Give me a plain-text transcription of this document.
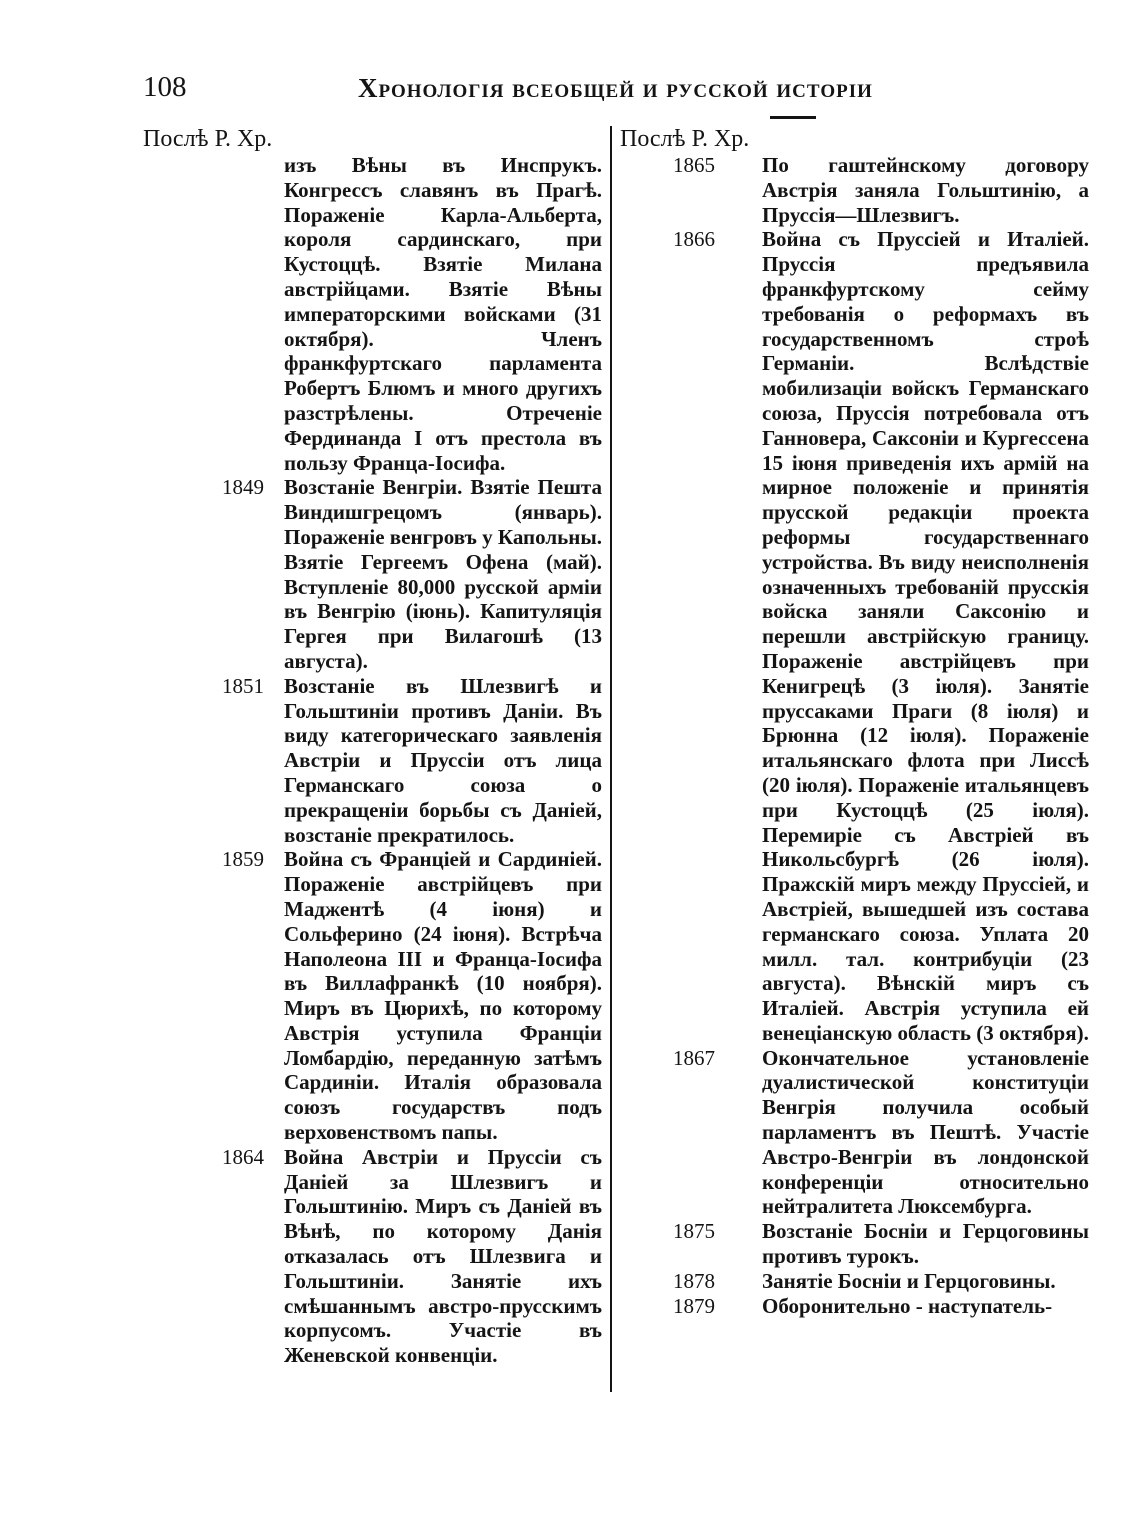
108	Хронологія всеобщей и русской исторіи
Послѣ Р. Хр.
изъ Вѣны въ Инспрукъ. Конгрессъ славянъ въ Прагѣ. Пораженіе Карла-Альберта, короля сардинскаго, при Кустоццѣ. Взятіе Милана австрійцами. Взятіе Вѣны императорскими войсками (31 октября). Членъ франкфуртскаго парламента Робертъ Блюмъ и много другихъ разстрѣлены. Отреченіе Фердинанда I отъ престола въ пользу Франца-Іосифа.
1849 Возстаніе Венгріи. Взятіе Пешта Виндишгрецомъ (январь). Пораженіе венгровъ у Капольны. Взятіе Гергеемъ Офена (май). Вступленіе 80,000 русской арміи въ Венгрію (іюнь). Капитуляція Гергея при Вилагошѣ (13 августа).
1851 Возстаніе въ Шлезвигѣ и Гольштиніи противъ Даніи. Въ виду категорическаго заявленія Австріи и Пруссіи отъ лица Германскаго союза о прекращеніи борьбы съ Даніей, возстаніе прекратилось.
1859 Война съ Франціей и Сардиніей. Пораженіе австрійцевъ при Маджентѣ (4 іюня) и Сольферино (24 іюня). Встрѣча Наполеона III и Франца-Іосифа въ Виллафранкѣ (10 ноября). Миръ въ Цюрихѣ, по которому Австрія уступила Франціи Ломбардію, переданную затѣмъ Сардиніи. Италія образовала союзъ государствъ подъ верховенствомъ папы.
1864 Война Австріи и Пруссіи съ Даніей за Шлезвигъ и Гольштинію. Миръ съ Даніей въ Вѣнѣ, по которому Данія отказалась отъ Шлезвига и Гольштиніи. Занятіе ихъ смѣшаннымъ австро-прусскимъ корпусомъ. Участіе въ Женевской конвенціи.
Послѣ Р. Хр.
1865 По гаштейнскому договору Австрія заняла Гольштинію, а Пруссія—Шлезвигъ.
1866 Война съ Пруссіей и Италіей. Пруссія предъявила франкфуртскому сейму требованія о реформахъ въ государственномъ строѣ Германіи. Вслѣдствіе мобилизаціи войскъ Германскаго союза, Пруссія потребовала отъ Ганновера, Саксоніи и Кургессена 15 іюня приведенія ихъ армій на мирное положеніе и принятія прусской редакціи проекта реформы государственнаго устройства. Въ виду неисполненія означенныхъ требованій прусскія войска заняли Саксонію и перешли австрійскую границу. Пораженіе австрійцевъ при Кенигрецѣ (3 іюля). Занятіе пруссаками Праги (8 іюля) и Брюнна (12 іюля). Пораженіе итальянскаго флота при Лиссѣ (20 іюля). Пораженіе итальянцевъ при Кустоццѣ (25 іюля). Перемиріе съ Австріей въ Никольсбургѣ (26 іюля). Пражскій миръ между Пруссіей, и Австріей, вышедшей изъ состава германскаго союза. Уплата 20 милл. тал. контрибуціи (23 августа). Вѣнскій миръ съ Италіей. Австрія уступила ей венеціанскую область (3 октября).
1867 Окончательное установленіе дуалистической конституціи Венгрія получила особый парламентъ въ Пештѣ. Участіе Австро-Венгріи въ лондонской конференціи относительно нейтралитета Люксембурга.
1875 Возстаніе Босніи и Герцоговины противъ турокъ.
1878 Занятіе Босніи и Герцоговины.
1879 Оборонительно - наступатель-
